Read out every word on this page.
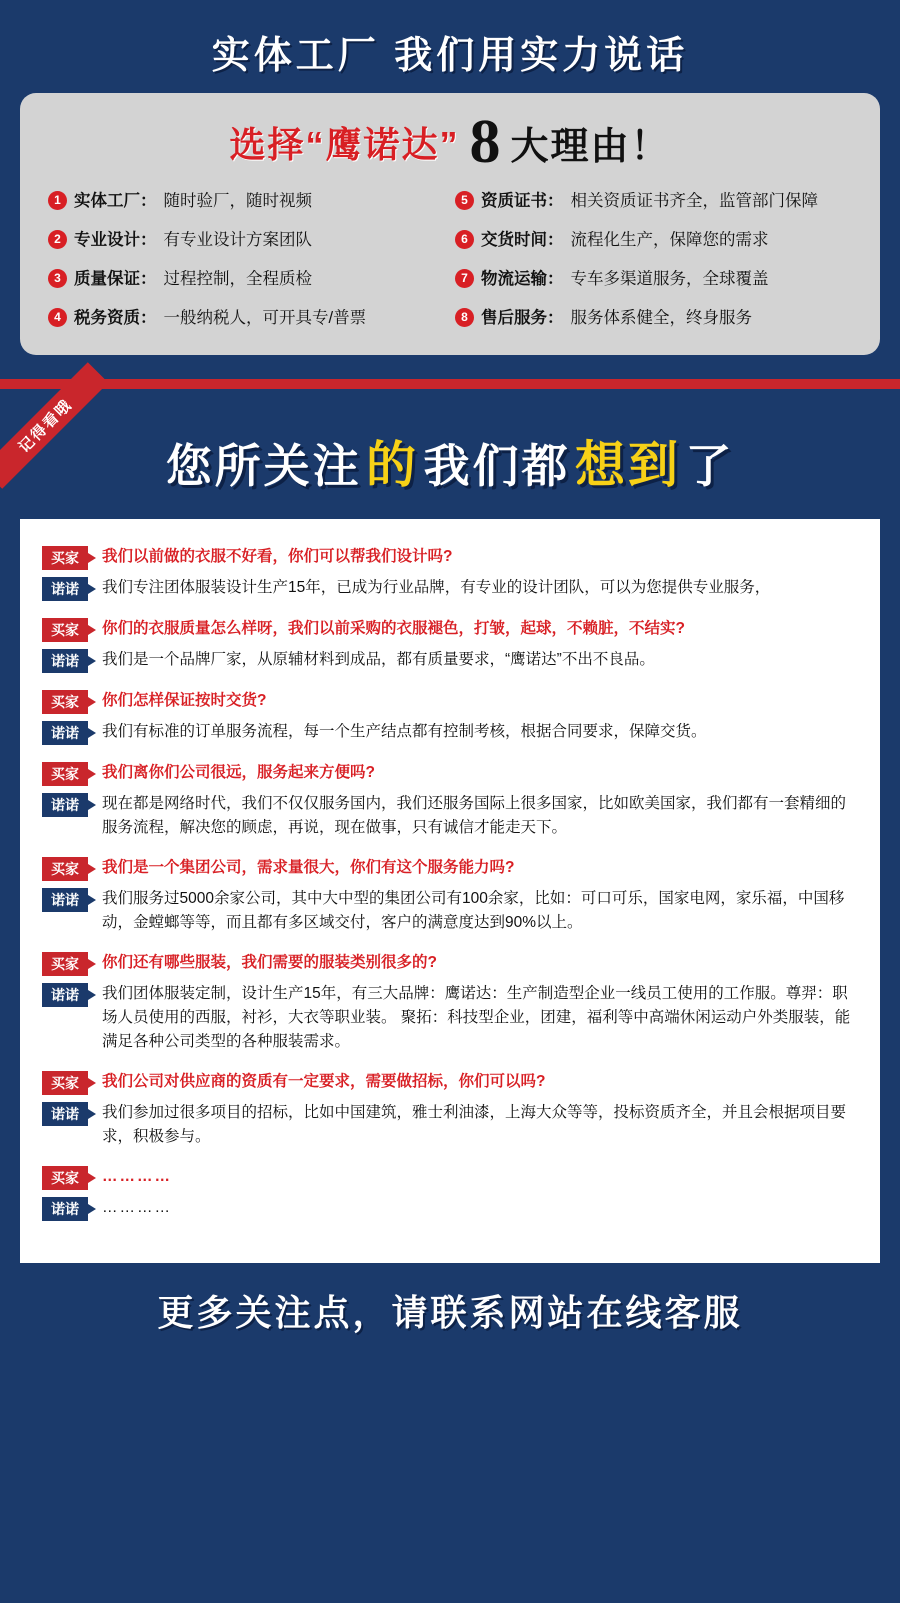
实体工厂 我们用实力说话
选择“鹰诺达” 8 大理由！
1 实体工厂： 随时验厂，随时视频	5 资质证书： 相关资质证书齐全，监管部门保障
2 专业设计： 有专业设计方案团队	6 交货时间： 流程化生产，保障您的需求
3 质量保证： 过程控制，全程质检	7 物流运输： 专车多渠道服务，全球覆盖
4 税务资质： 一般纳税人，可开具专/普票	8 售后服务： 服务体系健全，终身服务
记得看哦
您所关注 的 我们都 想到 了
买家	我们以前做的衣服不好看，你们可以帮我们设计吗?
诺诺	我们专注团体服装设计生产15年，已成为行业品牌，有专业的设计团队，可以为您提供专业服务，
买家	你们的衣服质量怎么样呀，我们以前采购的衣服褪色，打皱，起球，不赖脏，不结实?
诺诺	我们是一个品牌厂家，从原辅材料到成品，都有质量要求，“鹰诺达”不出不良品。
买家	你们怎样保证按时交货?
诺诺	我们有标准的订单服务流程，每一个生产结点都有控制考核，根据合同要求，保障交货。
买家	我们离你们公司很远，服务起来方便吗?
诺诺	现在都是网络时代，我们不仅仅服务国内，我们还服务国际上很多国家，比如欧美国家，我们都有一套精细的服务流程，解决您的顾虑，再说，现在做事，只有诚信才能走天下。
买家	我们是一个集团公司，需求量很大，你们有这个服务能力吗?
诺诺	我们服务过5000余家公司，其中大中型的集团公司有100余家，比如：可口可乐，国家电网，家乐福，中国移动，金螳螂等等，而且都有多区域交付，客户的满意度达到90%以上。
买家	你们还有哪些服装，我们需要的服装类别很多的?
诺诺	我们团体服装定制，设计生产15年，有三大品牌：鹰诺达：生产制造型企业一线员工使用的工作服。尊羿：职场人员使用的西服，衬衫，大衣等职业装。 聚拓：科技型企业，团建，福利等中高端休闲运动户外类服装，能满足各种公司类型的各种服装需求。
买家	我们公司对供应商的资质有一定要求，需要做招标，你们可以吗?
诺诺	我们参加过很多项目的招标，比如中国建筑，雅士利油漆，上海大众等等，投标资质齐全，并且会根据项目要求，积极参与。
买家	…………
诺诺	…………
更多关注点，请联系网站在线客服
